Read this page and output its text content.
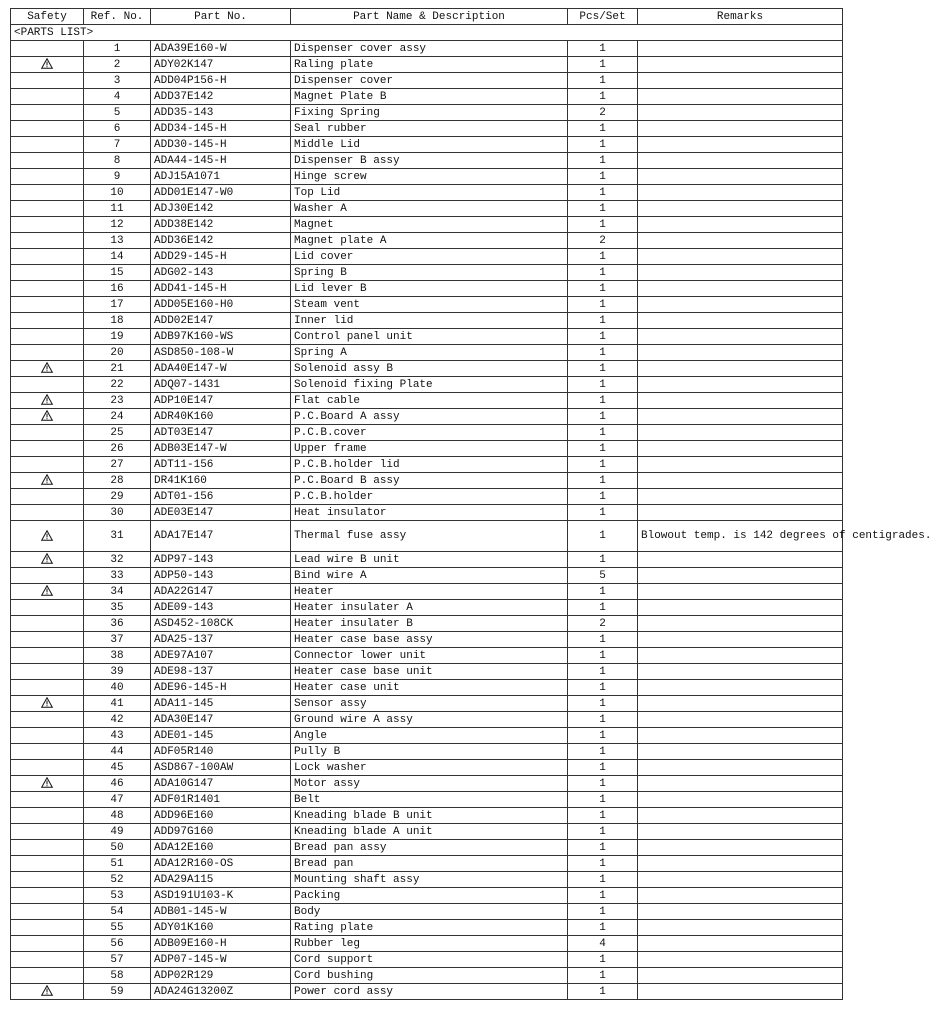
Safety	Ref. No.	Part No.	Part Name & Description	Pcs/Set	Remarks
<PARTS LIST>					
	1	ADA39E160-W	Dispenser cover assy	1	
	2	ADY02K147	Raling plate	1	
	3	ADD04P156-H	Dispenser cover	1	
	4	ADD37E142	Magnet Plate B	1	
	5	ADD35-143	Fixing Spring	2	
	6	ADD34-145-H	Seal rubber	1	
	7	ADD30-145-H	Middle Lid	1	
	8	ADA44-145-H	Dispenser B assy	1	
	9	ADJ15A1071	Hinge screw	1	
	10	ADD01E147-W0	Top Lid	1	
	11	ADJ30E142	Washer A	1	
	12	ADD38E142	Magnet	1	
	13	ADD36E142	Magnet plate A	2	
	14	ADD29-145-H	Lid cover	1	
	15	ADG02-143	Spring B	1	
	16	ADD41-145-H	Lid lever B	1	
	17	ADD05E160-H0	Steam vent	1	
	18	ADD02E147	Inner lid	1	
	19	ADB97K160-WS	Control panel unit	1	
	20	ASD850-108-W	Spring A	1	
	21	ADA40E147-W	Solenoid assy B	1	
	22	ADQ07-1431	Solenoid fixing Plate	1	
	23	ADP10E147	Flat cable	1	
	24	ADR40K160	P.C.Board A assy	1	
	25	ADT03E147	P.C.B.cover	1	
	26	ADB03E147-W	Upper frame	1	
	27	ADT11-156	P.C.B.holder lid	1	
	28	DR41K160	P.C.Board B assy	1	
	29	ADT01-156	P.C.B.holder	1	
	30	ADE03E147	Heat insulator	1	
	31	ADA17E147	Thermal fuse assy	1	Blowout temp. is 142 degrees of centigrades.
	32	ADP97-143	Lead wire B unit	1	
	33	ADP50-143	Bind wire A	5	
	34	ADA22G147	Heater	1	
	35	ADE09-143	Heater insulater A	1	
	36	ASD452-108CK	Heater insulater B	2	
	37	ADA25-137	Heater case base assy	1	
	38	ADE97A107	Connector lower unit	1	
	39	ADE98-137	Heater case base unit	1	
	40	ADE96-145-H	Heater case unit	1	
	41	ADA11-145	Sensor assy	1	
	42	ADA30E147	Ground wire A assy	1	
	43	ADE01-145	Angle	1	
	44	ADF05R140	Pully B	1	
	45	ASD867-100AW	Lock washer	1	
	46	ADA10G147	Motor assy	1	
	47	ADF01R1401	Belt	1	
	48	ADD96E160	Kneading blade B unit	1	
	49	ADD97G160	Kneading blade A unit	1	
	50	ADA12E160	Bread pan assy	1	
	51	ADA12R160-OS	Bread pan	1	
	52	ADA29A115	Mounting shaft assy	1	
	53	ASD191U103-K	Packing	1	
	54	ADB01-145-W	Body	1	
	55	ADY01K160	Rating plate	1	
	56	ADB09E160-H	Rubber leg	4	
	57	ADP07-145-W	Cord support	1	
	58	ADP02R129	Cord bushing	1	
	59	ADA24G13200Z	Power cord assy	1	
